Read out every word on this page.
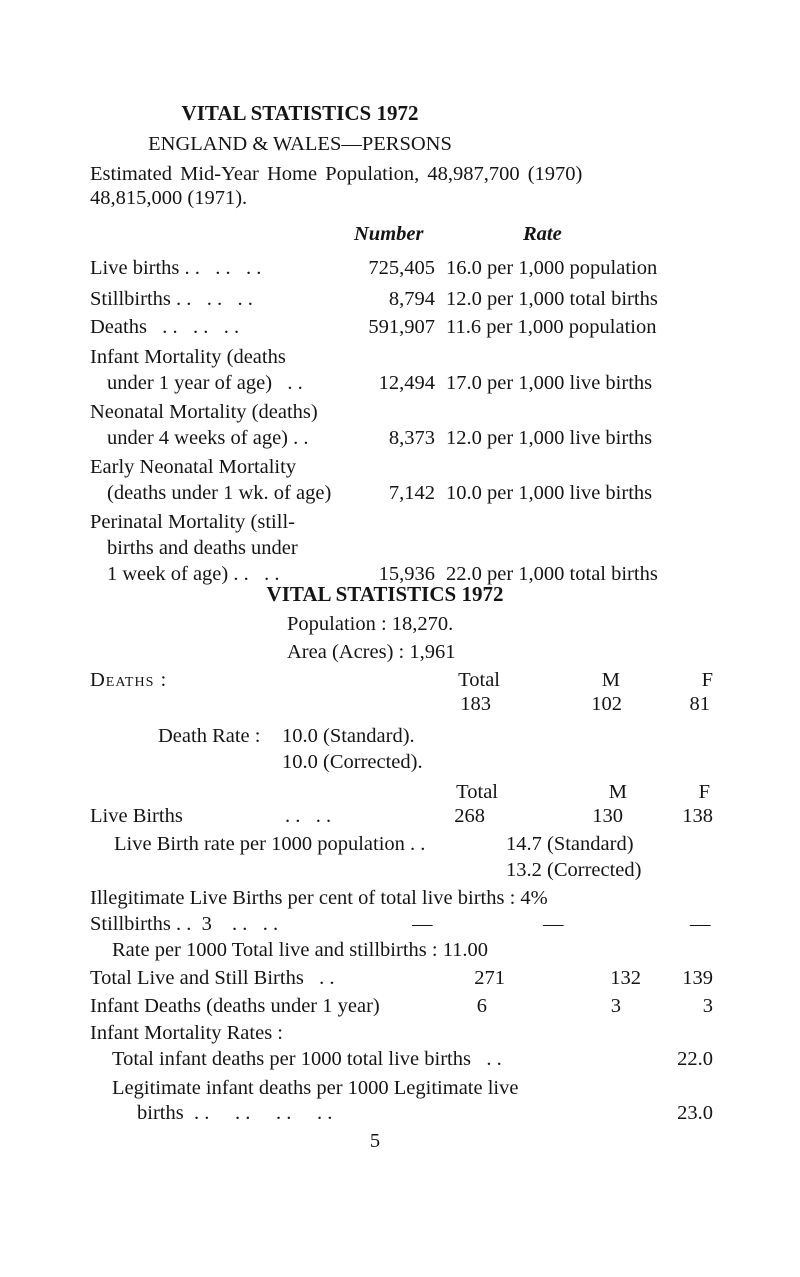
VITAL STATISTICS 1972
ENGLAND & WALES—PERSONS
Estimated Mid-Year Home Population, 48,987,700 (1970)
48,815,000 (1971).
Number	Rate
Live births . .   . .   . .	725,405 16.0 per 1,000 population
Stillbirths . .   . .   . .	8,794 12.0 per 1,000 total births
Deaths   . .   . .   . .	591,907 11.6 per 1,000 population
Infant Mortality (deaths
under 1 year of age)   . .	12,494 17.0 per 1,000 live births
Neonatal Mortality (deaths)
under 4 weeks of age) . .	8,373 12.0 per 1,000 live births
Early Neonatal Mortality
(deaths under 1 wk. of age)	7,142 10.0 per 1,000 live births
Perinatal Mortality (still-
births and deaths under
1 week of age) . .   . .	15,936 22.0 per 1,000 total births
VITAL STATISTICS 1972
Population : 18,270.
Area (Acres) : 1,961
Deaths :	Total	M	F
183	102	81
Death Rate : 10.0 (Standard).
10.0 (Corrected).
Total	M	F
Live Births	. .   . .	268	130	138
Live Birth rate per 1000 population . .	14.7 (Standard)
13.2 (Corrected)
Illegitimate Live Births per cent of total live births : 4%
Stillbirths . .  3 . .   . .	—	—	—
Rate per 1000 Total live and stillbirths : 11.00
Total Live and Still Births   . .	271	132	139
Infant Deaths (deaths under 1 year)	6	3	3
Infant Mortality Rates :
Total infant deaths per 1000 total live births   . .	22.0
Legitimate infant deaths per 1000 Legitimate live
births  . .     . .     . .     . .	23.0
5
